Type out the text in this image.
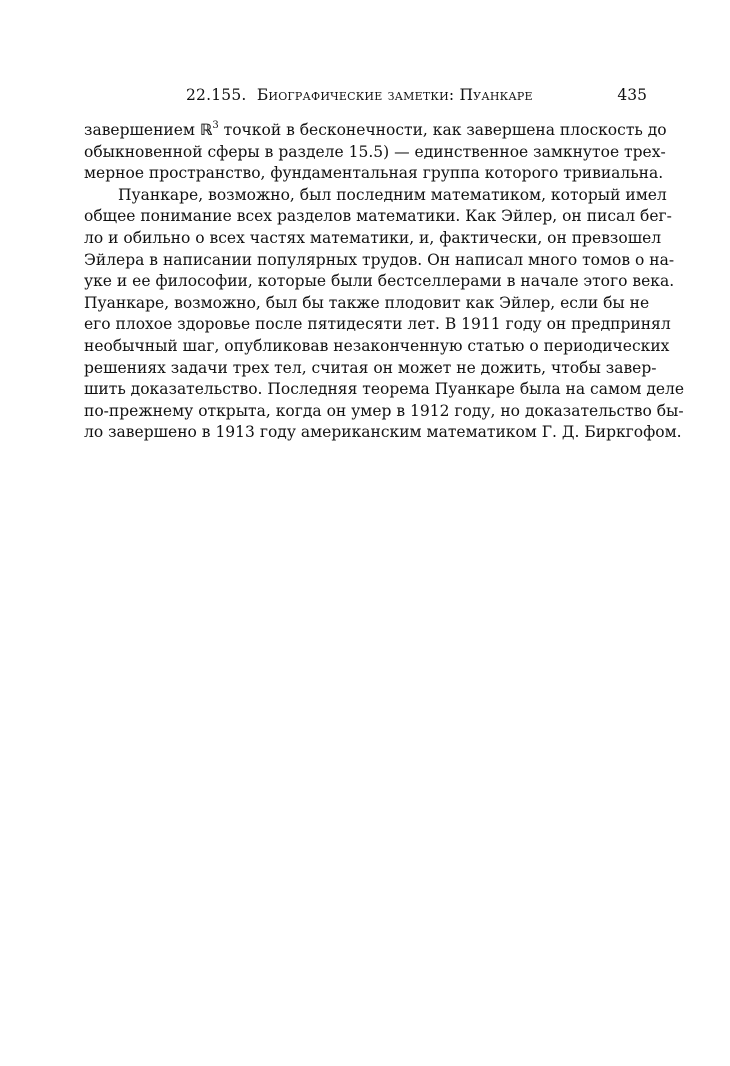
22.155. Биографические заметки: Пуанкаре	435
завершением ℝ$^3$ точкой в бесконечности, как завершена плоскость до
обыкновенной сферы в разделе 15.5) — единственное замкнутое трех-
мерное пространство, фундаментальная группа которого тривиальна.
Пуанкаре, возможно, был последним математиком, который имел
общее понимание всех разделов математики. Как Эйлер, он писал бег-
ло и обильно о всех частях математики, и, фактически, он превзошел
Эйлера в написании популярных трудов. Он написал много томов о на-
уке и ее философии, которые были бестселлерами в начале этого века.
Пуанкаре, возможно, был бы также плодовит как Эйлер, если бы не
его плохое здоровье после пятидесяти лет. В 1911 году он предпринял
необычный шаг, опубликовав незаконченную статью о периодических
решениях задачи трех тел, считая он может не дожить, чтобы завер-
шить доказательство. Последняя теорема Пуанкаре была на самом деле
по-прежнему открыта, когда он умер в 1912 году, но доказательство бы-
ло завершено в 1913 году американским математиком Г. Д. Биркгофом.
